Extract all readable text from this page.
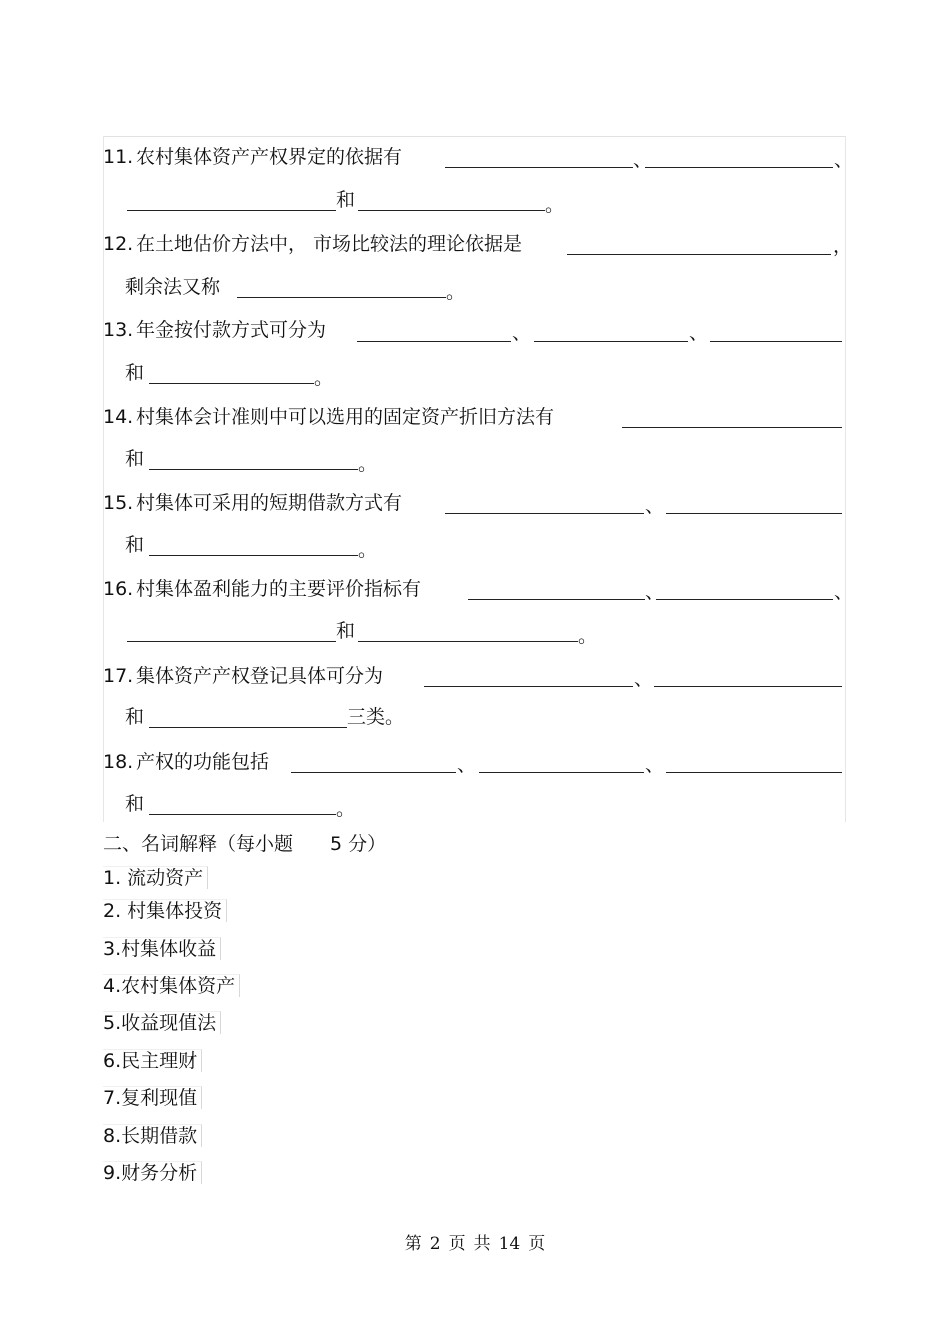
11. 农村集体资产产权界定的依据有	、	、
和	。
12. 在土地估价方法中， 市场比较法的理论依据是	，
剩余法又称	。
13. 年金按付款方式可分为	、	、
和	。
14. 村集体会计准则中可以选用的固定资产折旧方法有
和	。
15. 村集体可采用的短期借款方式有	、
和	。
16. 村集体盈利能力的主要评价指标有	、	、
和	。
17. 集体资产产权登记具体可分为	、
和	三类。
18. 产权的功能包括	、	、
和	。
二、名词解释（每小题 5 分）
1. 流动资产
2. 村集体投资
3.村集体收益
4.农村集体资产
5.收益现值法
6.民主理财
7.复利现值
8.长期借款
9.财务分析
第 2 页 共 14 页
